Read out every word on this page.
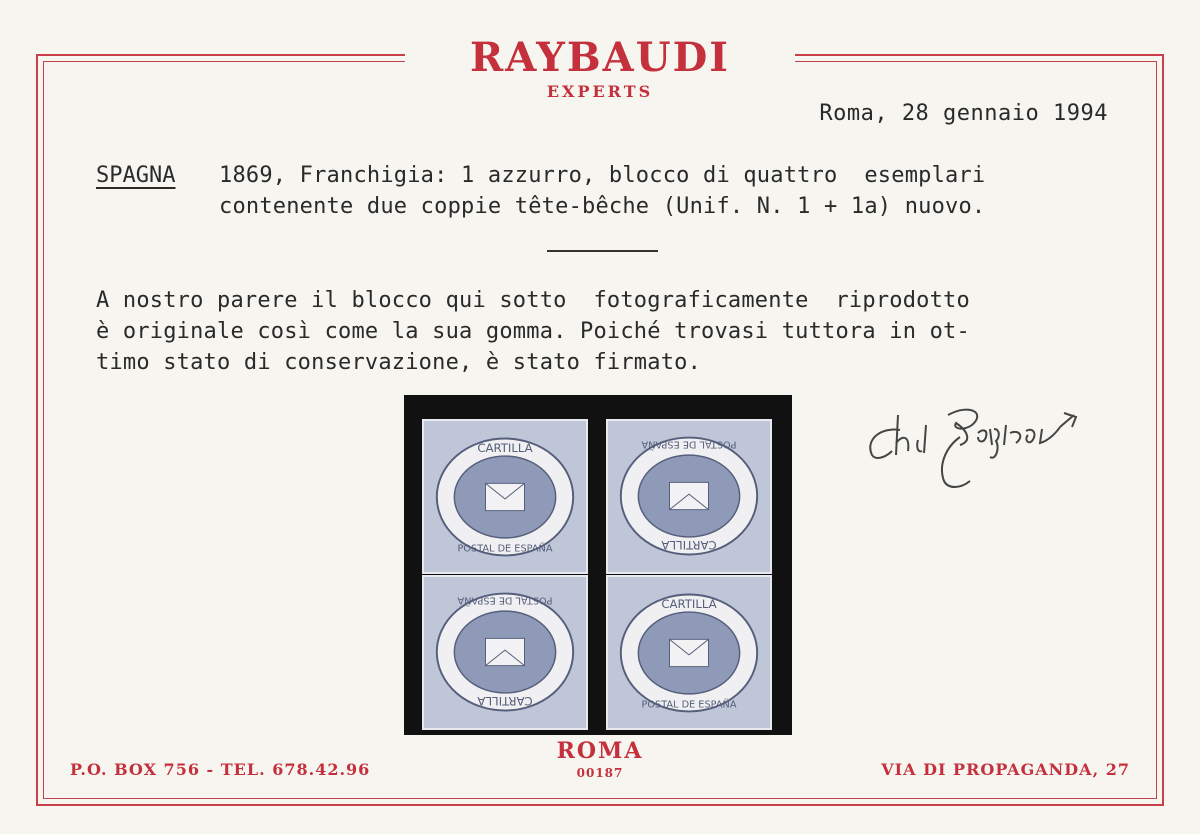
RAYBAUDI
EXPERTS
Roma, 28 gennaio 1994
SPAGNA 1869, Franchigia: 1 azzurro, blocco di quattro  esemplari
contenente due coppie tête-bêche (Unif. N. 1 + 1a) nuovo.
A nostro parere il blocco qui sotto  fotograficamente  riprodotto
è originale così come la sua gomma. Poiché trovasi tuttora in ot-
timo stato di conservazione, è stato firmato.
CARTILLA
POSTAL DE ESPAÑA	CARTILLA
POSTAL DE ESPAÑA
CARTILLA
POSTAL DE ESPAÑA	CARTILLA
POSTAL DE ESPAÑA
ROMA
00187
P.O. BOX 756 - TEL. 678.42.96	VIA DI PROPAGANDA, 27
